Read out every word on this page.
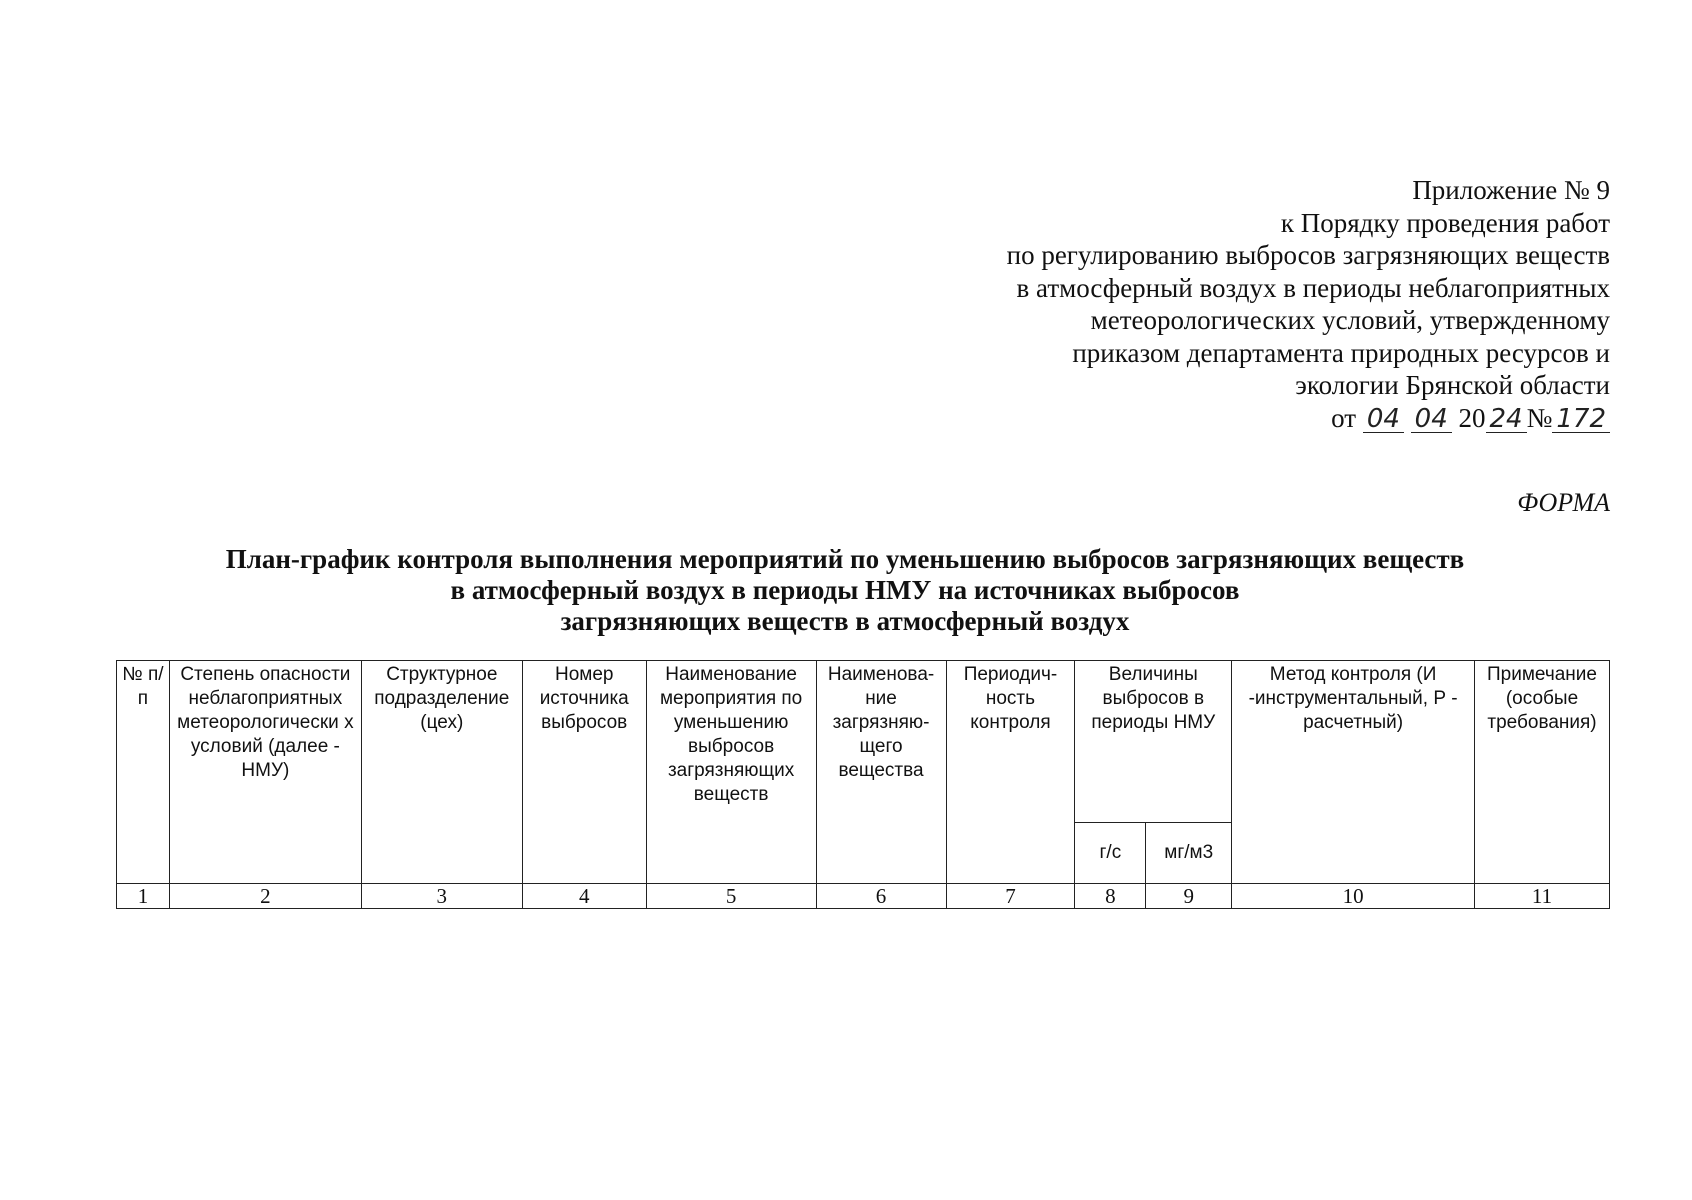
Приложение № 9
к Порядку проведения работ
по регулированию выбросов загрязняющих веществ
в атмосферный воздух в периоды неблагоприятных
метеорологических условий, утвержденному
приказом департамента природных ресурсов и
экологии Брянской области
от 04 04 20 24 № 172
ФОРМА
План-график контроля выполнения мероприятий по уменьшению выбросов загрязняющих веществ
в атмосферный воздух в периоды НМУ на источниках выбросов
загрязняющих веществ в атмосферный воздух
№ п/п	Степень опасности неблагоприятных метеорологически х условий (далее - НМУ)	Структурное подразделение (цех)	Номер источника выбросов	Наименование мероприятия по уменьшению выбросов загрязняющих веществ	Наименова-ние загрязняю-щего вещества	Периодич-ность контроля	Величины выбросов в периоды НМУ		Метод контроля (И -инструментальный, Р - расчетный)	Примечание (особые требования)
							г/с	мг/м3		
1	2	3	4	5	6	7	8	9	10	11
